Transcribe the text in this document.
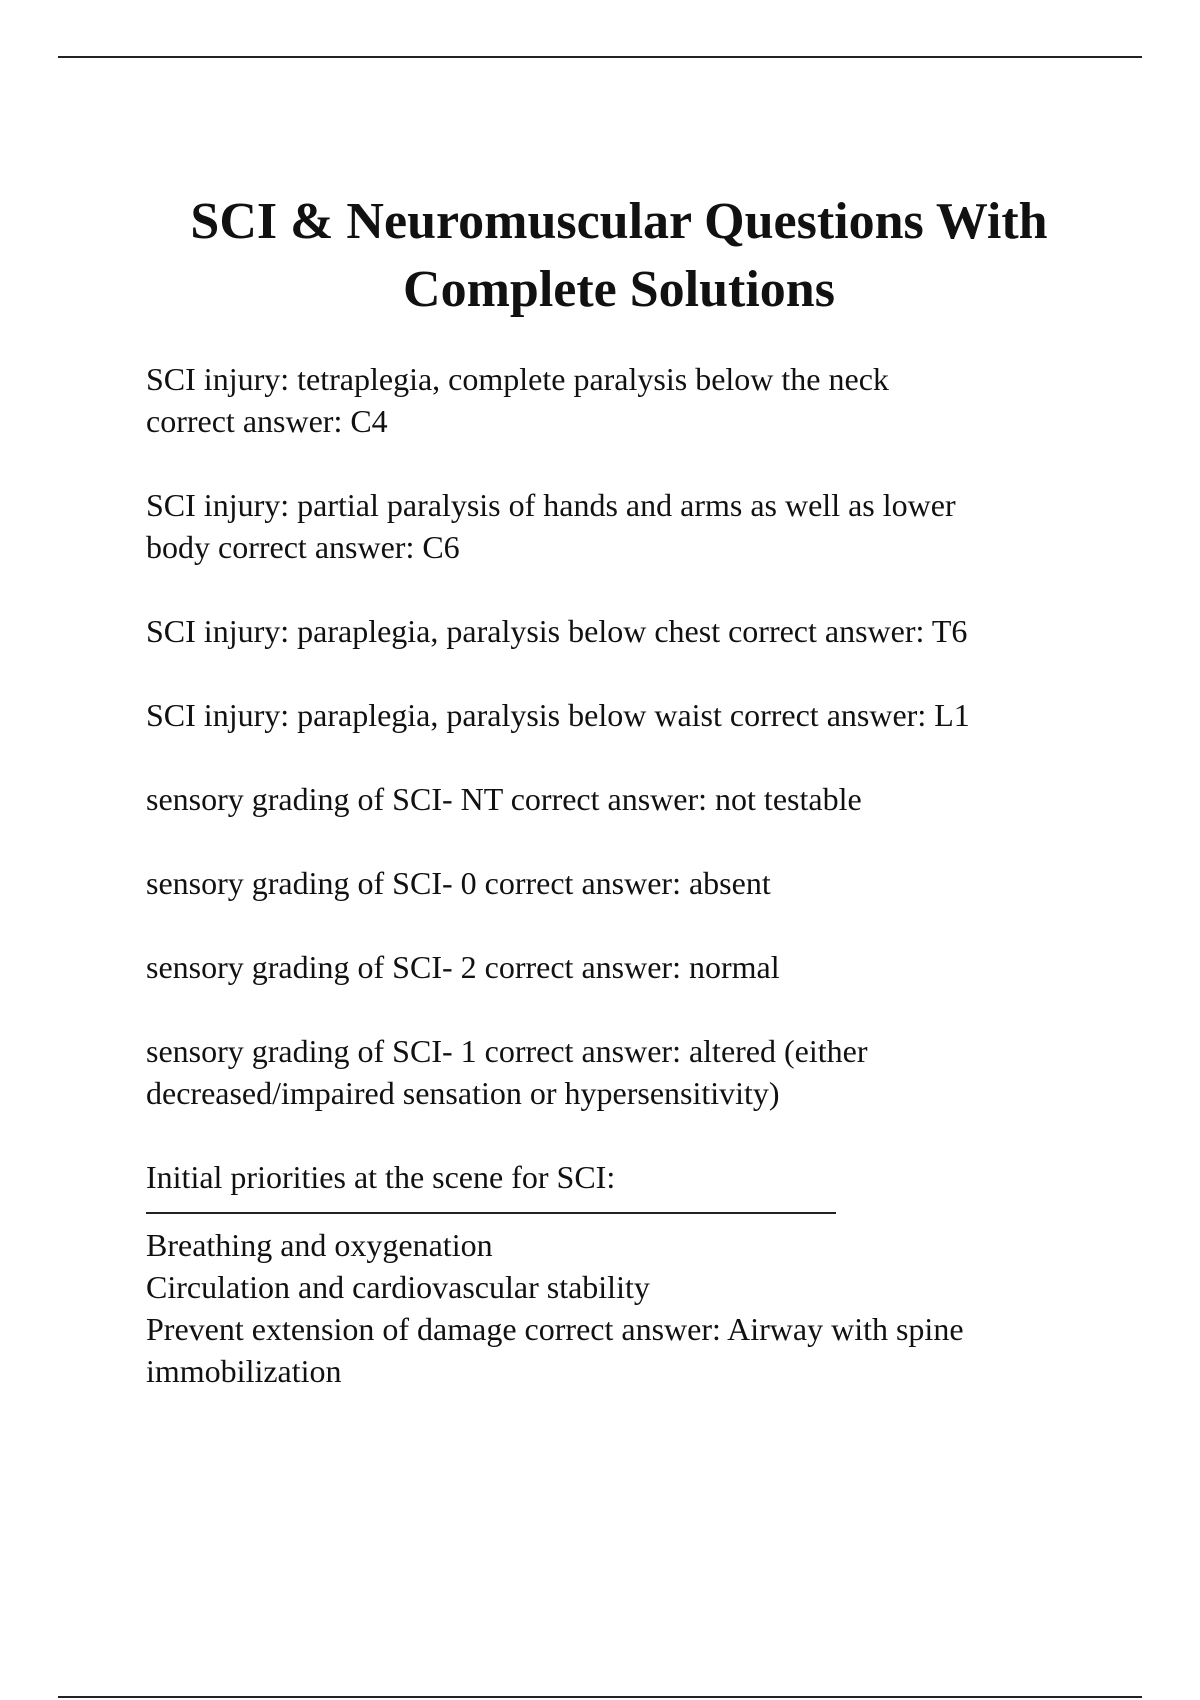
SCI & Neuromuscular Questions With
Complete Solutions

SCI injury: tetraplegia, complete paralysis below the neck
correct answer: C4

SCI injury: partial paralysis of hands and arms as well as lower
body correct answer: C6

SCI injury: paraplegia, paralysis below chest correct answer: T6

SCI injury: paraplegia, paralysis below waist correct answer: L1

sensory grading of SCI- NT correct answer: not testable

sensory grading of SCI- 0 correct answer: absent

sensory grading of SCI- 2 correct answer: normal

sensory grading of SCI- 1 correct answer: altered (either
decreased/impaired sensation or hypersensitivity)

Initial priorities at the scene for SCI:
Breathing and oxygenation
Circulation and cardiovascular stability
Prevent extension of damage correct answer: Airway with spine
immobilization
